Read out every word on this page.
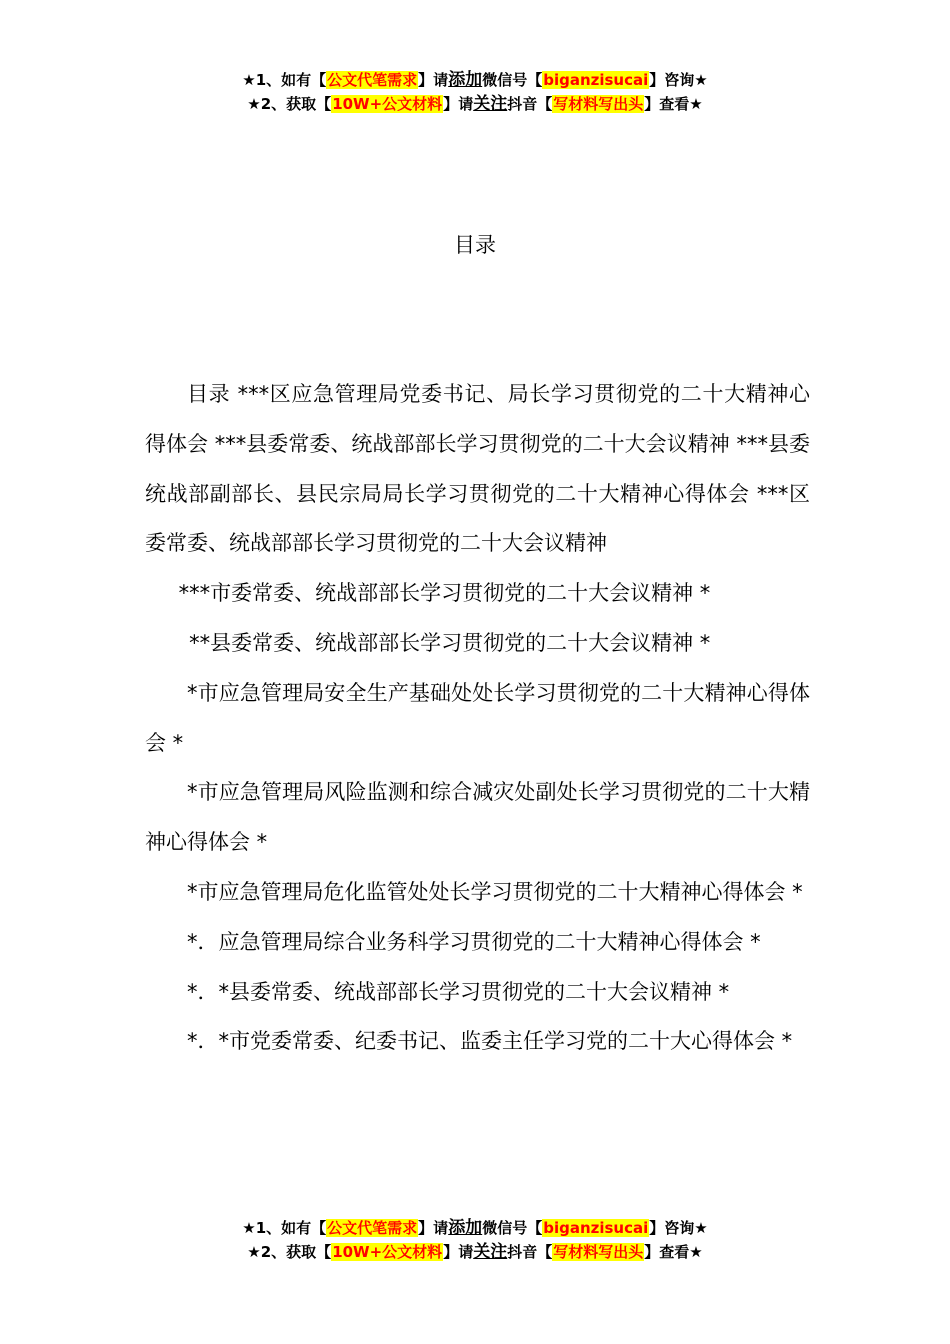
★1、如有【公文代笔需求】请添加微信号【biganzisucai】咨询★
★2、获取【10W+公文材料】请关注抖音【写材料写出头】查看★
目录

目录 ***区应急管理局党委书记、局长学习贯彻党的二十大精神心得体会 ***县委常委、统战部部长学习贯彻党的二十大会议精神 ***县委统战部副部长、县民宗局局长学习贯彻党的二十大精神心得体会 ***区委常委、统战部部长学习贯彻党的二十大会议精神

***市委常委、统战部部长学习贯彻党的二十大会议精神 *

**县委常委、统战部部长学习贯彻党的二十大会议精神 *

*市应急管理局安全生产基础处处长学习贯彻党的二十大精神心得体会 *

*市应急管理局风险监测和综合减灾处副处长学习贯彻党的二十大精神心得体会 *

*市应急管理局危化监管处处长学习贯彻党的二十大精神心得体会 *

*．应急管理局综合业务科学习贯彻党的二十大精神心得体会 *

*．*县委常委、统战部部长学习贯彻党的二十大会议精神 *

*．*市党委常委、纪委书记、监委主任学习党的二十大心得体会 *

★1、如有【公文代笔需求】请添加微信号【biganzisucai】咨询★
★2、获取【10W+公文材料】请关注抖音【写材料写出头】查看★
